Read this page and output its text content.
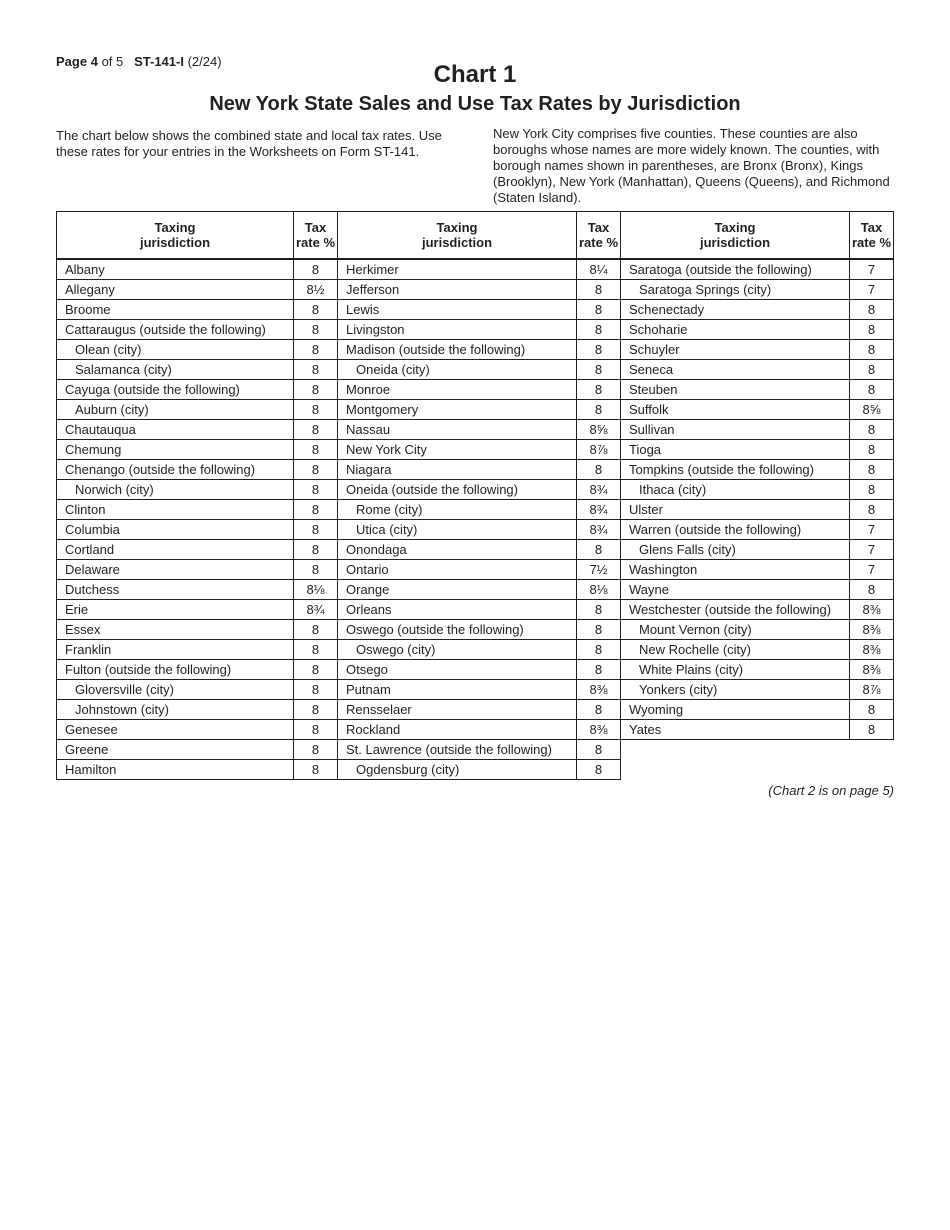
Page 4 of 5 ST-141-I (2/24)	Chart 1
New York State Sales and Use Tax Rates by Jurisdiction

The chart below shows the combined state and local tax rates. Use these rates for your entries in the Worksheets on Form ST-141.

New York City comprises five counties. These counties are also boroughs whose names are more widely known. The counties, with borough names shown in parentheses, are Bronx (Bronx), Kings (Brooklyn), New York (Manhattan), Queens (Queens), and Richmond (Staten Island).

Taxing
jurisdiction	Tax
rate %

Albany	8
Allegany	8½
Broome	8
Cattaraugus (outside the following)	8
Olean (city)	8
Salamanca (city)	8
Cayuga (outside the following)	8
Auburn (city)	8
Chautauqua	8
Chemung	8
Chenango (outside the following)	8
Norwich (city)	8
Clinton	8
Columbia	8
Cortland	8
Delaware	8
Dutchess	8⅛
Erie	8¾
Essex	8
Franklin	8
Fulton (outside the following)	8
Gloversville (city)	8
Johnstown (city)	8
Genesee	8
Greene	8
Hamilton	8
Taxing
jurisdiction	Tax
rate %

Herkimer	8¼
Jefferson	8
Lewis	8
Livingston	8
Madison (outside the following)	8
Oneida (city)	8
Monroe	8
Montgomery	8
Nassau	8⅝
New York City	8⅞
Niagara	8
Oneida (outside the following)	8¾
Rome (city)	8¾
Utica (city)	8¾
Onondaga	8
Ontario	7½
Orange	8⅛
Orleans	8
Oswego (outside the following)	8
Oswego (city)	8
Otsego	8
Putnam	8⅜
Rensselaer	8
Rockland	8⅜
St. Lawrence (outside the following)	8
Ogdensburg (city)	8
Taxing
jurisdiction	Tax
rate %

Saratoga (outside the following)	7
Saratoga Springs (city)	7
Schenectady	8
Schoharie	8
Schuyler	8
Seneca	8
Steuben	8
Suffolk	8⅝
Sullivan	8
Tioga	8
Tompkins (outside the following)	8
Ithaca (city)	8
Ulster	8
Warren (outside the following)	7
Glens Falls (city)	7
Washington	7
Wayne	8
Westchester (outside the following)	8⅜
Mount Vernon (city)	8⅜
New Rochelle (city)	8⅜
White Plains (city)	8⅜
Yonkers (city)	8⅞
Wyoming	8
Yates	8
(Chart 2 is on page 5)
